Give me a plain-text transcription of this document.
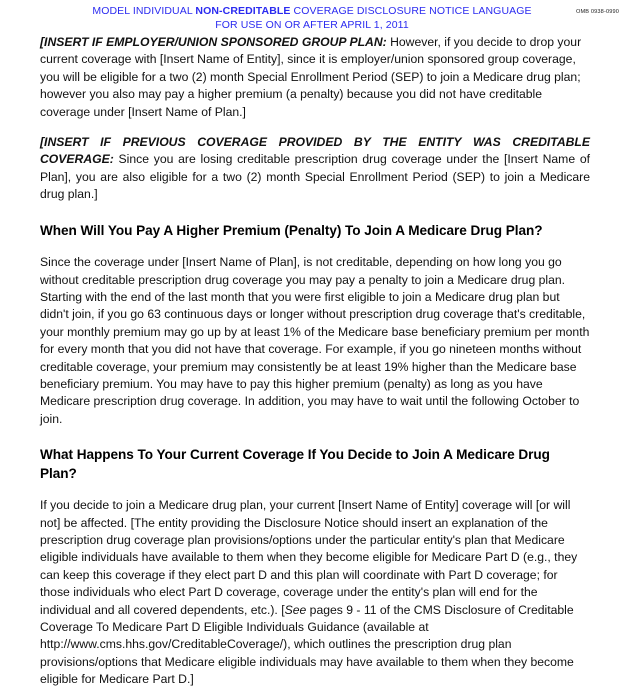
MODEL INDIVIDUAL NON-CREDITABLE COVERAGE DISCLOSURE NOTICE LANGUAGE
FOR USE ON OR AFTER APRIL 1, 2011
OMB 0938-0990

[INSERT IF EMPLOYER/UNION SPONSORED GROUP PLAN: However, if you decide to drop your current coverage with [Insert Name of Entity], since it is employer/union sponsored group coverage, you will be eligible for a two (2) month Special Enrollment Period (SEP) to join a Medicare drug plan; however you also may pay a higher premium (a penalty) because you did not have creditable coverage under [Insert Name of Plan.]

[INSERT IF PREVIOUS COVERAGE PROVIDED BY THE ENTITY WAS CREDITABLE COVERAGE: Since you are losing creditable prescription drug coverage under the [Insert Name of Plan], you are also eligible for a two (2) month Special Enrollment Period (SEP) to join a Medicare drug plan.]

When Will You Pay A Higher Premium (Penalty) To Join A Medicare Drug Plan?

Since the coverage under [Insert Name of Plan], is not creditable, depending on how long you go without creditable prescription drug coverage you may pay a penalty to join a Medicare drug plan. Starting with the end of the last month that you were first eligible to join a Medicare drug plan but didn't join, if you go 63 continuous days or longer without prescription drug coverage that's creditable, your monthly premium may go up by at least 1% of the Medicare base beneficiary premium per month for every month that you did not have that coverage. For example, if you go nineteen months without creditable coverage, your premium may consistently be at least 19% higher than the Medicare base beneficiary premium. You may have to pay this higher premium (penalty) as long as you have Medicare prescription drug coverage. In addition, you may have to wait until the following October to join.

What Happens To Your Current Coverage If You Decide to Join A Medicare Drug Plan?

If you decide to join a Medicare drug plan, your current [Insert Name of Entity] coverage will [or will not] be affected. [The entity providing the Disclosure Notice should insert an explanation of the prescription drug coverage plan provisions/options under the particular entity's plan that Medicare eligible individuals have available to them when they become eligible for Medicare Part D (e.g., they can keep this coverage if they elect part D and this plan will coordinate with Part D coverage; for those individuals who elect Part D coverage, coverage under the entity's plan will end for the individual and all covered dependents, etc.). [See pages 9 - 11 of the CMS Disclosure of Creditable Coverage To Medicare Part D Eligible Individuals Guidance (available at http://www.cms.hhs.gov/CreditableCoverage/), which outlines the prescription drug plan provisions/options that Medicare eligible individuals may have available to them when they become eligible for Medicare Part D.]
